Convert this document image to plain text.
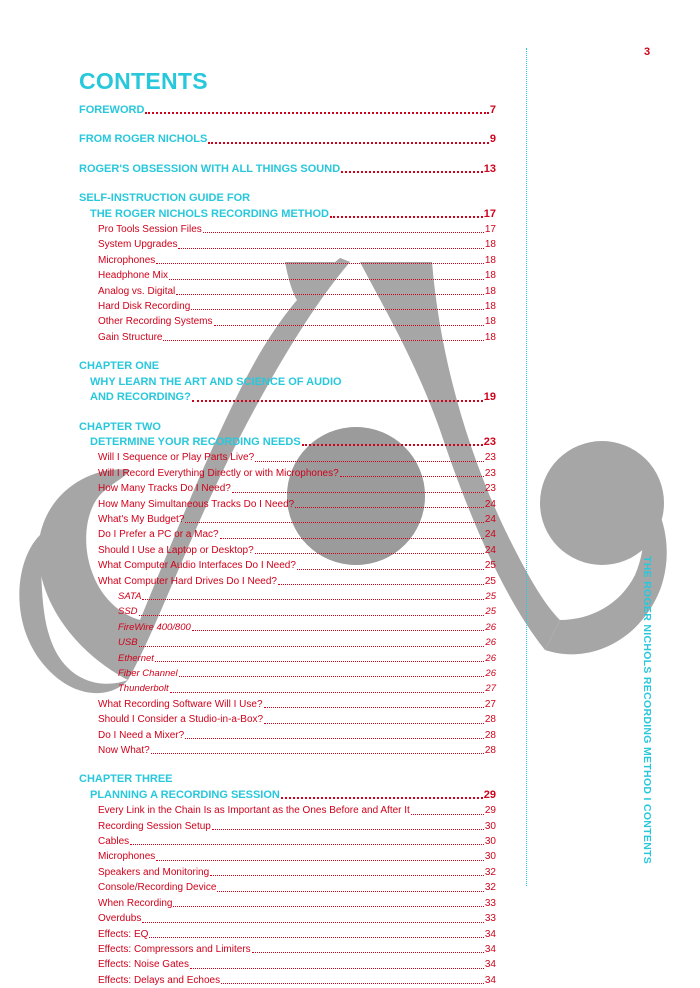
3
THE ROGER NICHOLS RECORDING METHOD I CONTENTS
CONTENTS
FOREWORD	7
FROM ROGER NICHOLS	9
ROGER'S OBSESSION WITH ALL THINGS SOUND	13
SELF-INSTRUCTION GUIDE FOR
THE ROGER NICHOLS RECORDING METHOD	17
Pro Tools Session Files	17
System Upgrades	18
Microphones	18
Headphone Mix	18
Analog vs. Digital	18
Hard Disk Recording	18
Other Recording Systems	18
Gain Structure	18
CHAPTER ONE
WHY LEARN THE ART AND SCIENCE OF AUDIO
AND RECORDING?	19
CHAPTER TWO
DETERMINE YOUR RECORDING NEEDS	23
Will I Sequence or Play Parts Live?	23
Will I Record Everything Directly or with Microphones?	23
How Many Tracks Do I Need?	23
How Many Simultaneous Tracks Do I Need?	24
What's My Budget?	24
Do I Prefer a PC or a Mac?	24
Should I Use a Laptop or Desktop?	24
What Computer Audio Interfaces Do I Need?	25
What Computer Hard Drives Do I Need?	25
SATA	25
SSD	25
FireWire 400/800	26
USB	26
Ethernet	26
Fiber Channel	26
Thunderbolt	27
What Recording Software Will I Use?	27
Should I Consider a Studio-in-a-Box?	28
Do I Need a Mixer?	28
Now What?	28
CHAPTER THREE
PLANNING A RECORDING SESSION	29
Every Link in the Chain Is as Important as the Ones Before and After It	29
Recording Session Setup	30
Cables	30
Microphones	30
Speakers and Monitoring	32
Console/Recording Device	32
When Recording	33
Overdubs	33
Effects: EQ	34
Effects: Compressors and Limiters	34
Effects: Noise Gates	34
Effects: Delays and Echoes	34
